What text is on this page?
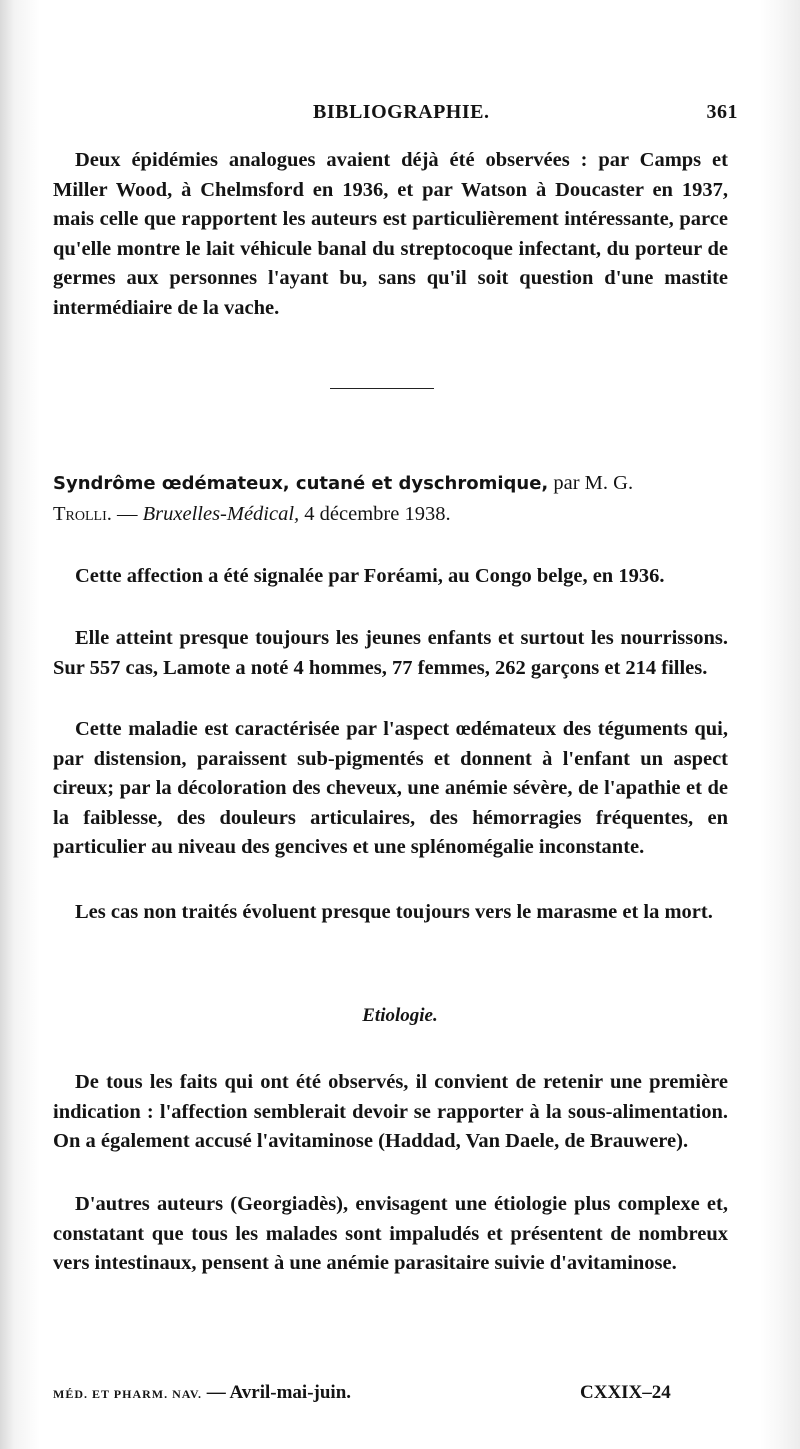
BIBLIOGRAPHIE.	361

Deux épidémies analogues avaient déjà été observées : par Camps et Miller Wood, à Chelmsford en 1936, et par Watson à Doucaster en 1937, mais celle que rapportent les auteurs est particulièrement intéressante, parce qu'elle montre le lait véhicule banal du streptocoque infectant, du porteur de germes aux personnes l'ayant bu, sans qu'il soit question d'une mastite intermédiaire de la vache.

Syndrôme œdémateux, cutané et dyschromique, par M. G.
Trolli. — Bruxelles-Médical, 4 décembre 1938.

Cette affection a été signalée par Foréami, au Congo belge, en 1936.

Elle atteint presque toujours les jeunes enfants et surtout les nourrissons. Sur 557 cas, Lamote a noté 4 hommes, 77 femmes, 262 garçons et 214 filles.

Cette maladie est caractérisée par l'aspect œdémateux des téguments qui, par distension, paraissent sub-pigmentés et donnent à l'enfant un aspect cireux; par la décoloration des cheveux, une anémie sévère, de l'apathie et de la faiblesse, des douleurs articulaires, des hémorragies fréquentes, en particulier au niveau des gencives et une splénomégalie inconstante.

Les cas non traités évoluent presque toujours vers le marasme et la mort.

Etiologie.

De tous les faits qui ont été observés, il convient de retenir une première indication : l'affection semblerait devoir se rapporter à la sous-alimentation. On a également accusé l'avitaminose (Haddad, Van Daele, de Brauwere).

D'autres auteurs (Georgiadès), envisagent une étiologie plus complexe et, constatant que tous les malades sont impaludés et présentent de nombreux vers intestinaux, pensent à une anémie parasitaire suivie d'avitaminose.

MÉD. ET PHARM. NAV. — Avril-mai-juin.	CXXIX–24
